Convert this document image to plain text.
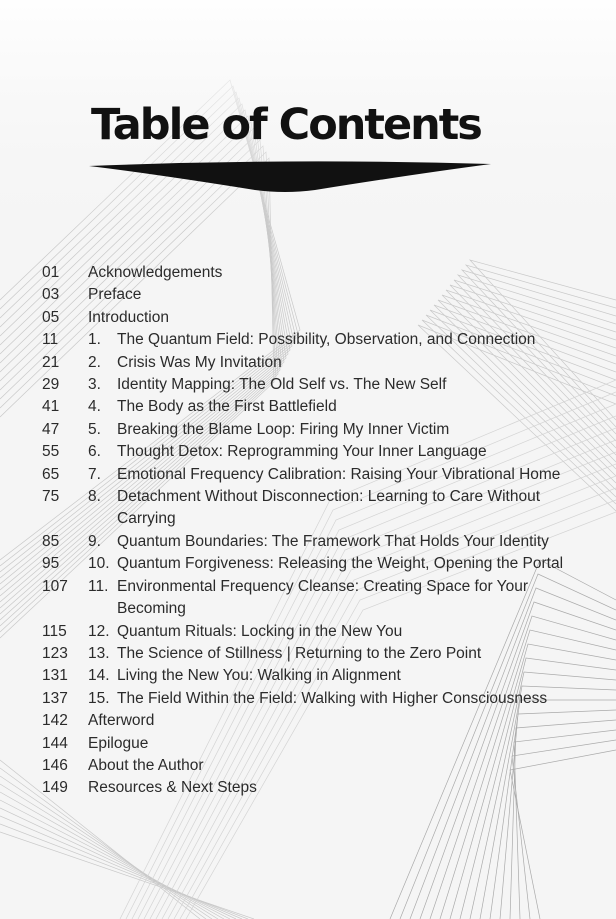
Table of Contents
01	Acknowledgements
03	Preface
05	Introduction
11	1.	The Quantum Field: Possibility, Observation, and Connection
21	2.	Crisis Was My Invitation
29	3.	Identity Mapping: The Old Self vs. The New Self
41	4.	The Body as the First Battlefield
47	5.	Breaking the Blame Loop: Firing My Inner Victim
55	6.	Thought Detox: Reprogramming Your Inner Language
65	7.	Emotional Frequency Calibration: Raising Your Vibrational Home
75	8.	Detachment Without Disconnection: Learning to Care Without Carrying
85	9.	Quantum Boundaries: The Framework That Holds Your Identity
95	10. Quantum Forgiveness: Releasing the Weight, Opening the Portal
107	11. Environmental Frequency Cleanse: Creating Space for Your Becoming
115	12. Quantum Rituals: Locking in the New You
123	13. The Science of Stillness | Returning to the Zero Point
131	14. Living the New You: Walking in Alignment
137	15. The Field Within the Field: Walking with Higher Consciousness
142	Afterword
144	Epilogue
146	About the Author
149	Resources & Next Steps
